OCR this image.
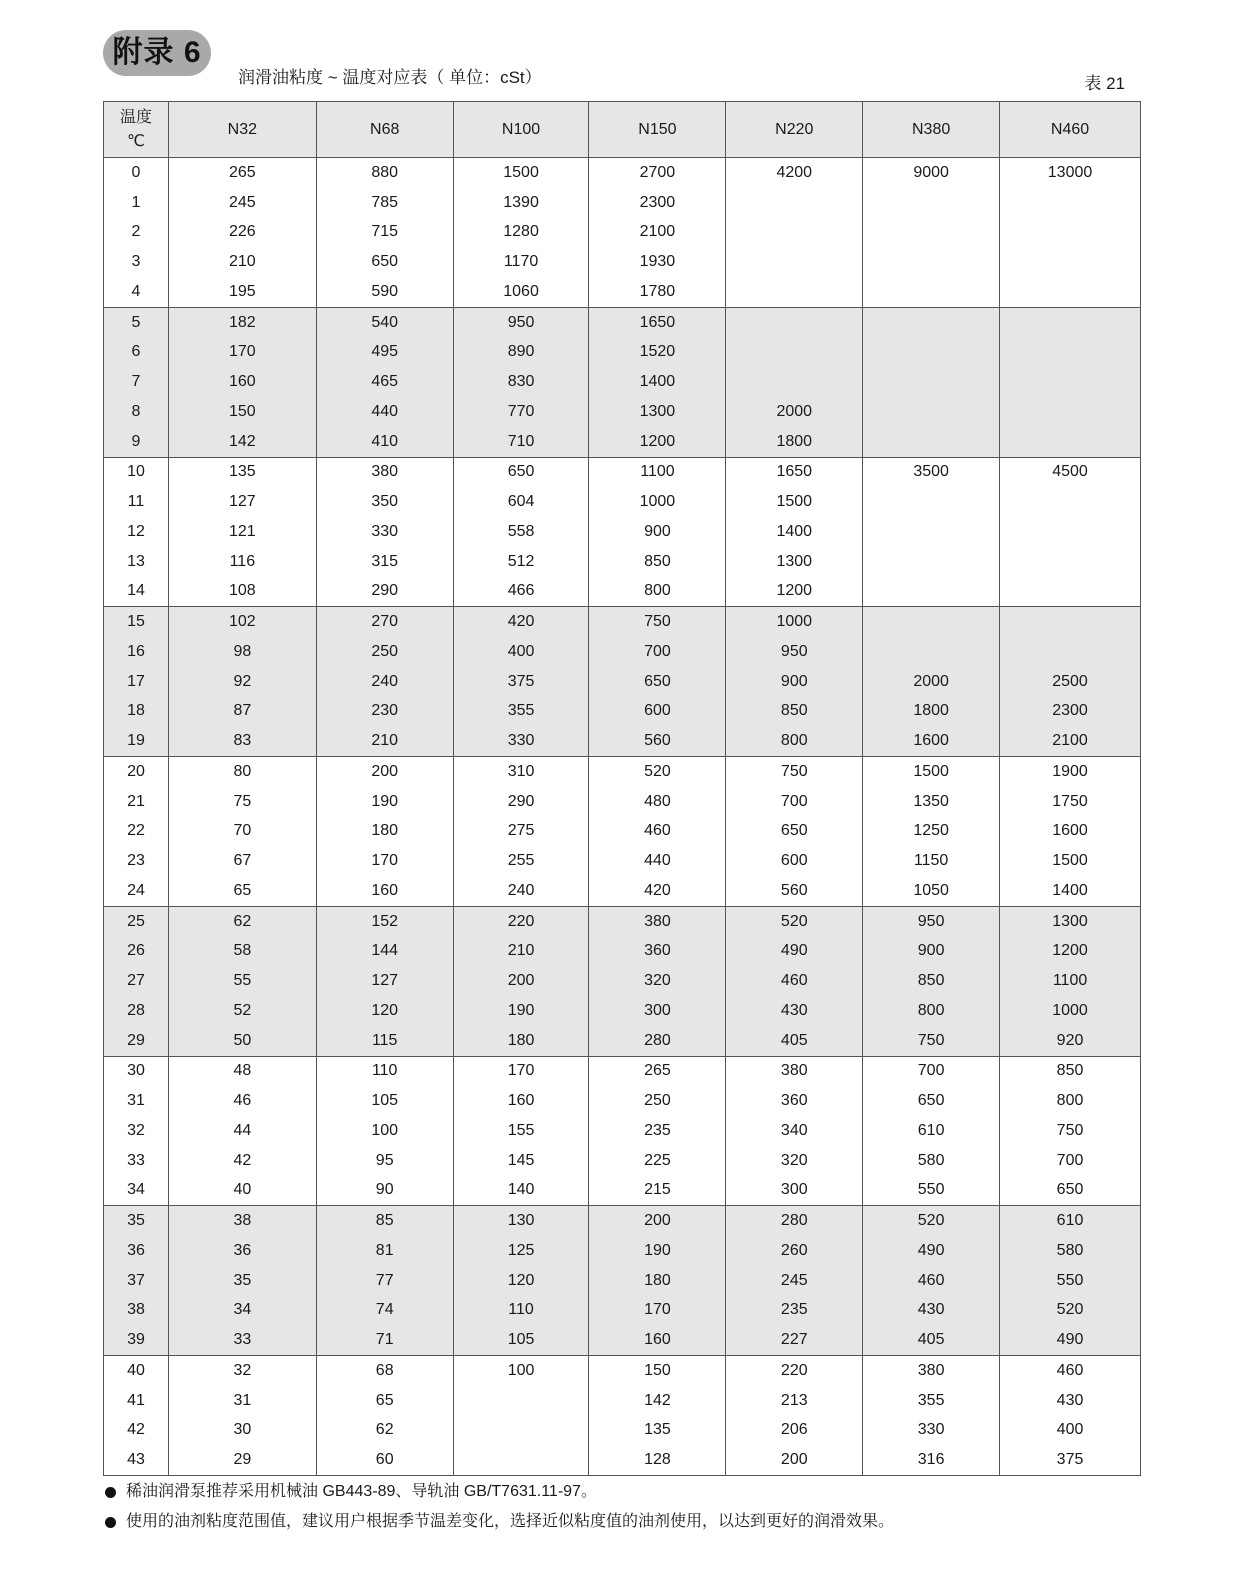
附录 6
润滑油粘度 ~ 温度对应表（ 单位：cSt）	表 21
温度
℃	N32	N68	N100	N150	N220	N380	N460
0	265	880	1500	2700	4200	9000	13000
1	245	785	1390	2300			
2	226	715	1280	2100			
3	210	650	1170	1930			
4	195	590	1060	1780			
5	182	540	950	1650			
6	170	495	890	1520			
7	160	465	830	1400			
8	150	440	770	1300	2000		
9	142	410	710	1200	1800		
10	135	380	650	1100	1650	3500	4500
11	127	350	604	1000	1500		
12	121	330	558	900	1400		
13	116	315	512	850	1300		
14	108	290	466	800	1200		
15	102	270	420	750	1000		
16	98	250	400	700	950		
17	92	240	375	650	900	2000	2500
18	87	230	355	600	850	1800	2300
19	83	210	330	560	800	1600	2100
20	80	200	310	520	750	1500	1900
21	75	190	290	480	700	1350	1750
22	70	180	275	460	650	1250	1600
23	67	170	255	440	600	1150	1500
24	65	160	240	420	560	1050	1400
25	62	152	220	380	520	950	1300
26	58	144	210	360	490	900	1200
27	55	127	200	320	460	850	1100
28	52	120	190	300	430	800	1000
29	50	115	180	280	405	750	920
30	48	110	170	265	380	700	850
31	46	105	160	250	360	650	800
32	44	100	155	235	340	610	750
33	42	95	145	225	320	580	700
34	40	90	140	215	300	550	650
35	38	85	130	200	280	520	610
36	36	81	125	190	260	490	580
37	35	77	120	180	245	460	550
38	34	74	110	170	235	430	520
39	33	71	105	160	227	405	490
40	32	68	100	150	220	380	460
41	31	65		142	213	355	430
42	30	62		135	206	330	400
43	29	60		128	200	316	375
稀油润滑泵推荐采用机械油 GB443-89、导轨油 GB/T7631.11-97。
使用的油剂粘度范围值，建议用户根据季节温差变化，选择近似粘度值的油剂使用，以达到更好的润滑效果。
